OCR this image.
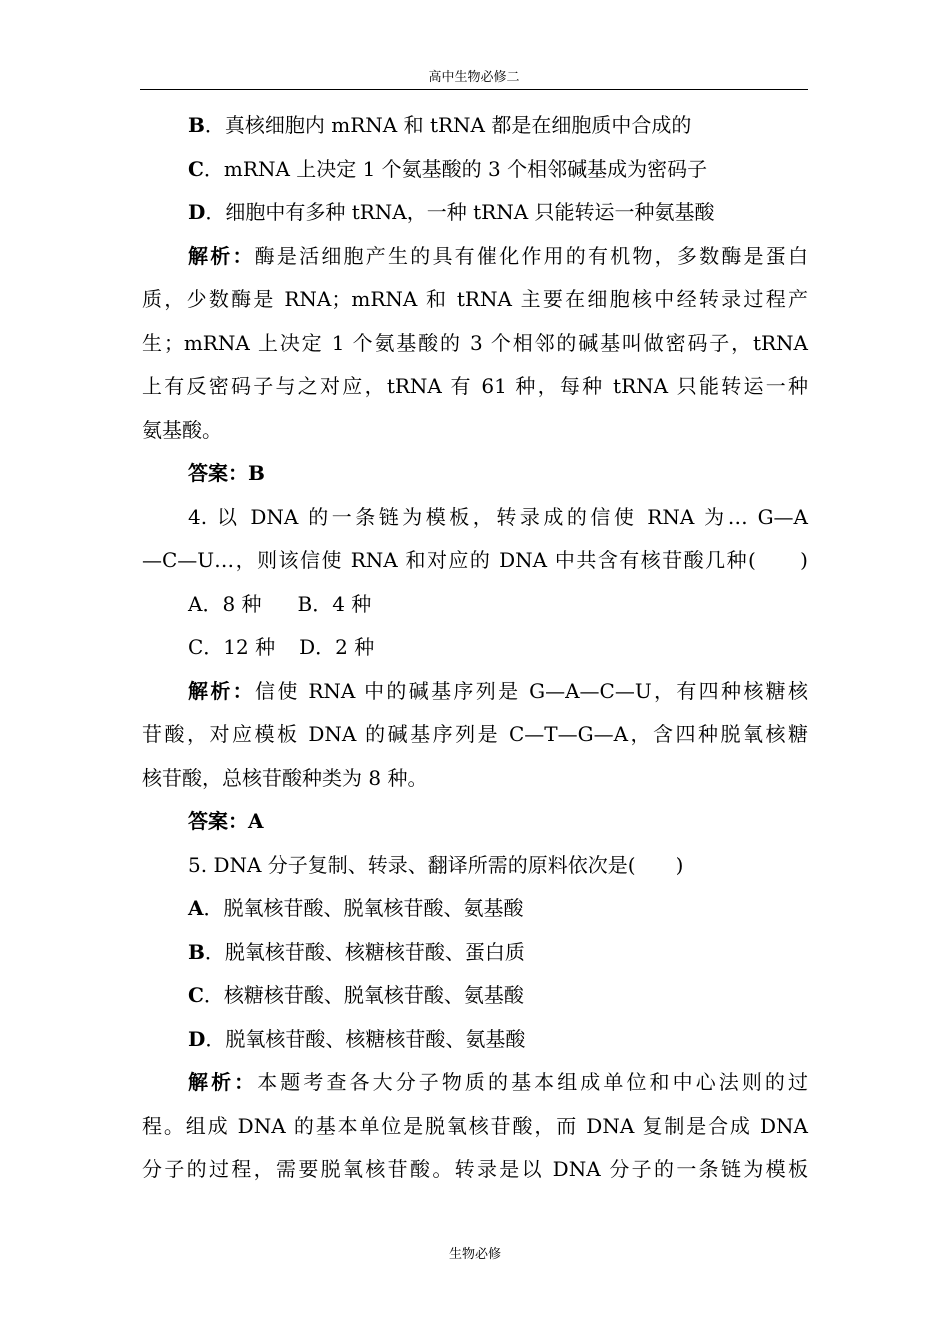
高中生物必修二
B．真核细胞内 mRNA 和 tRNA 都是在细胞质中合成的
C．mRNA 上决定 1 个氨基酸的 3 个相邻碱基成为密码子
D．细胞中有多种 tRNA，一种 tRNA 只能转运一种氨基酸
解析：酶是活细胞产生的具有催化作用的有机物，多数酶是蛋白
质，少数酶是 RNA；mRNA 和 tRNA 主要在细胞核中经转录过程产
生；mRNA 上决定 1 个氨基酸的 3 个相邻的碱基叫做密码子，tRNA
上有反密码子与之对应，tRNA 有 61 种，每种 tRNA 只能转运一种
氨基酸。
答案：B
4. 以 DNA 的一条链为模板，转录成的信使 RNA 为… G—A
—C—U…，则该信使 RNA 和对应的 DNA 中共含有核苷酸几种(　　)
A．8 种 B．4 种
C．12 种 D．2 种
解析：信使 RNA 中的碱基序列是 G—A—C—U，有四种核糖核
苷酸，对应模板 DNA 的碱基序列是 C—T—G—A，含四种脱氧核糖
核苷酸，总核苷酸种类为 8 种。
答案：A
5. DNA 分子复制、转录、翻译所需的原料依次是(　　)
A．脱氧核苷酸、脱氧核苷酸、氨基酸
B．脱氧核苷酸、核糖核苷酸、蛋白质
C．核糖核苷酸、脱氧核苷酸、氨基酸
D．脱氧核苷酸、核糖核苷酸、氨基酸
解析：本题考查各大分子物质的基本组成单位和中心法则的过
程。组成 DNA 的基本单位是脱氧核苷酸，而 DNA 复制是合成 DNA
分子的过程，需要脱氧核苷酸。转录是以 DNA 分子的一条链为模板
生物必修
